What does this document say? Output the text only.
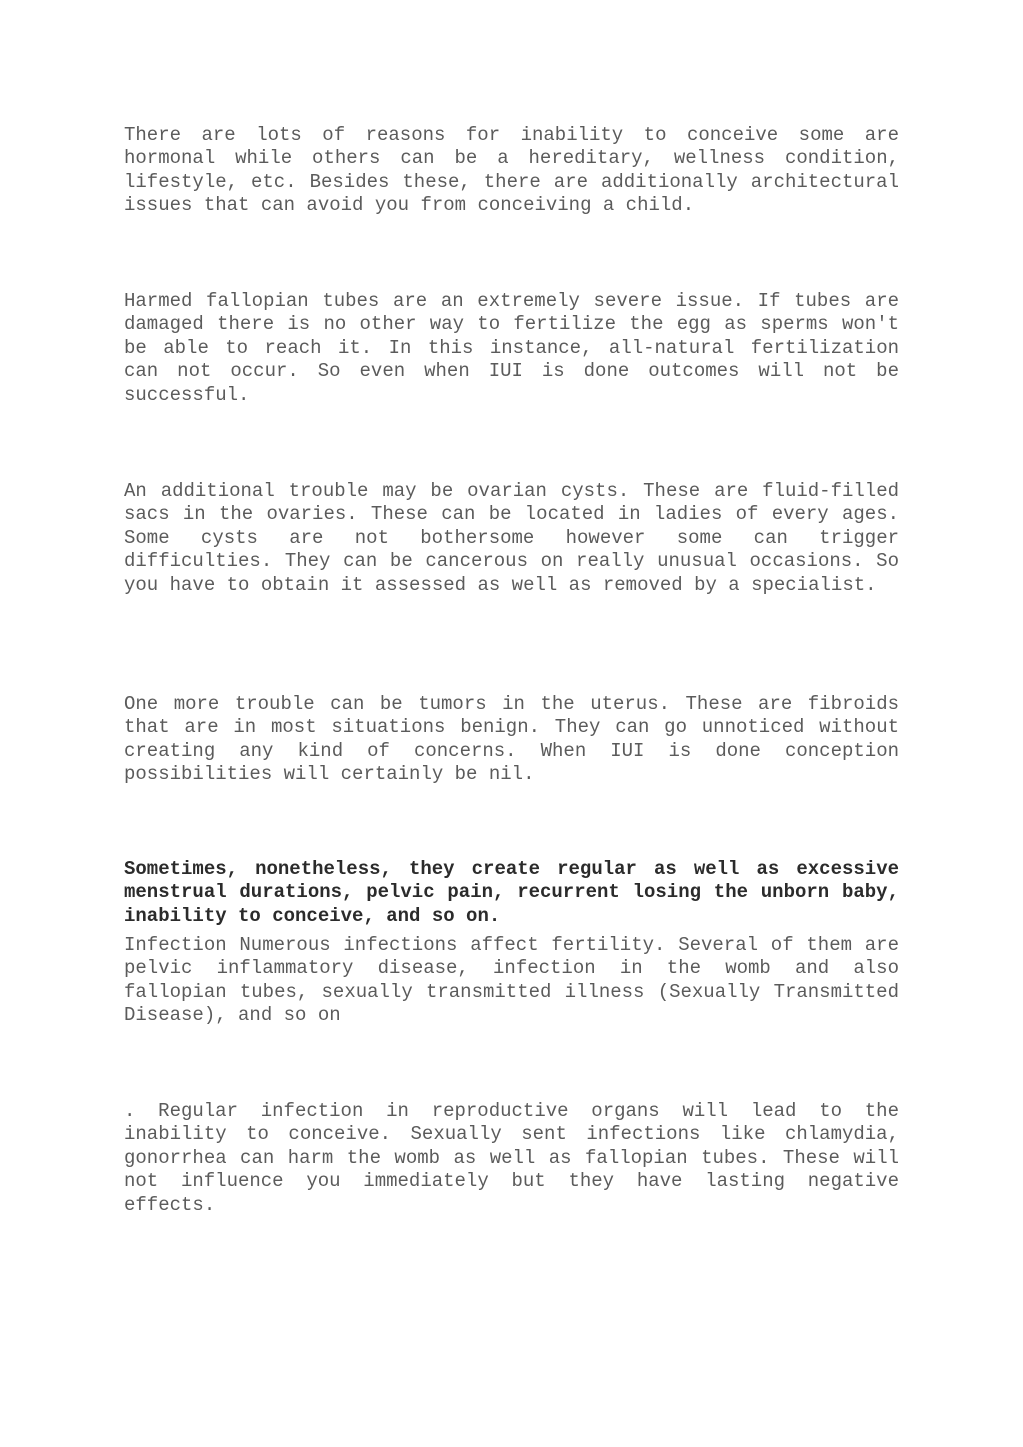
There are lots of reasons for inability to conceive some are hormonal while others can be a hereditary, wellness condition, lifestyle, etc. Besides these, there are additionally architectural issues that can avoid you from conceiving a child.

Harmed fallopian tubes are an extremely severe issue. If tubes are damaged there is no other way to fertilize the egg as sperms won't be able to reach it. In this instance, all-natural fertilization can not occur. So even when IUI is done outcomes will not be successful.

An additional trouble may be ovarian cysts. These are fluid-filled sacs in the ovaries. These can be located in ladies of every ages. Some cysts are not bothersome however some can trigger difficulties. They can be cancerous on really unusual occasions. So you have to obtain it assessed as well as removed by a specialist.

One more trouble can be tumors in the uterus. These are fibroids that are in most situations benign. They can go unnoticed without creating any kind of concerns. When IUI is done conception possibilities will certainly be nil.

Sometimes, nonetheless, they create regular as well as excessive menstrual durations, pelvic pain, recurrent losing the unborn baby, inability to conceive, and so on.

Infection Numerous infections affect fertility. Several of them are pelvic inflammatory disease, infection in the womb and also fallopian tubes, sexually transmitted illness (Sexually Transmitted Disease), and so on

. Regular infection in reproductive organs will lead to the inability to conceive. Sexually sent infections like chlamydia, gonorrhea can harm the womb as well as fallopian tubes. These will not influence you immediately but they have lasting negative effects.
